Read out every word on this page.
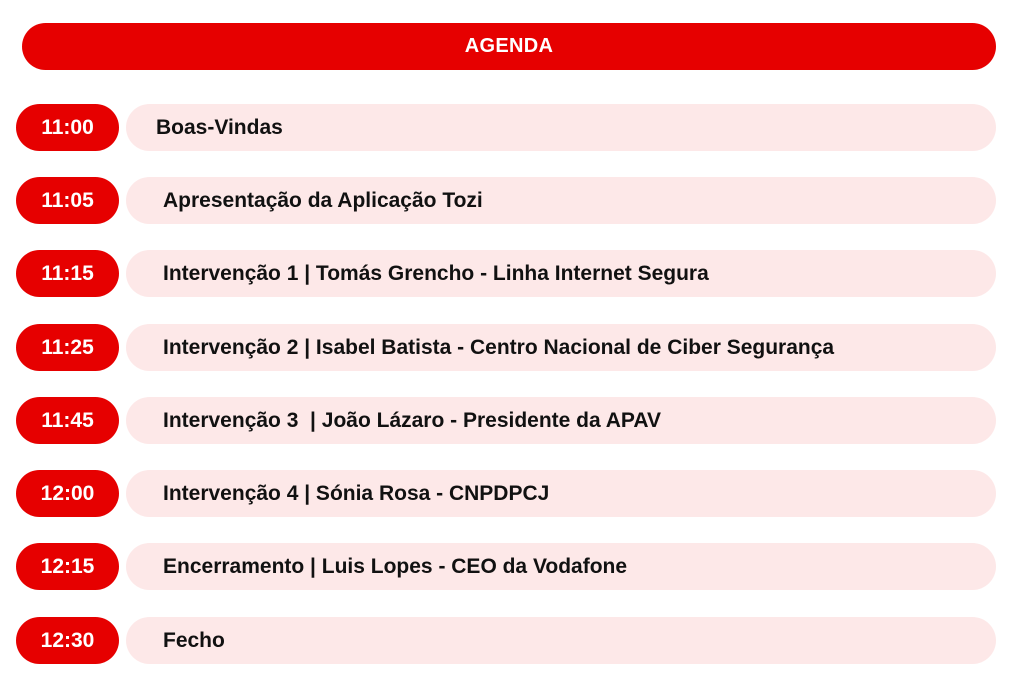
AGENDA
11:00	Boas-Vindas
11:05	Apresentação da Aplicação Tozi
11:15	Intervenção 1 | Tomás Grencho - Linha Internet Segura
11:25	Intervenção 2 | Isabel Batista - Centro Nacional de Ciber Segurança
11:45	Intervenção 3  | João Lázaro - Presidente da APAV
12:00	Intervenção 4 | Sónia Rosa - CNPDPCJ
12:15	Encerramento | Luis Lopes - CEO da Vodafone
12:30	Fecho
